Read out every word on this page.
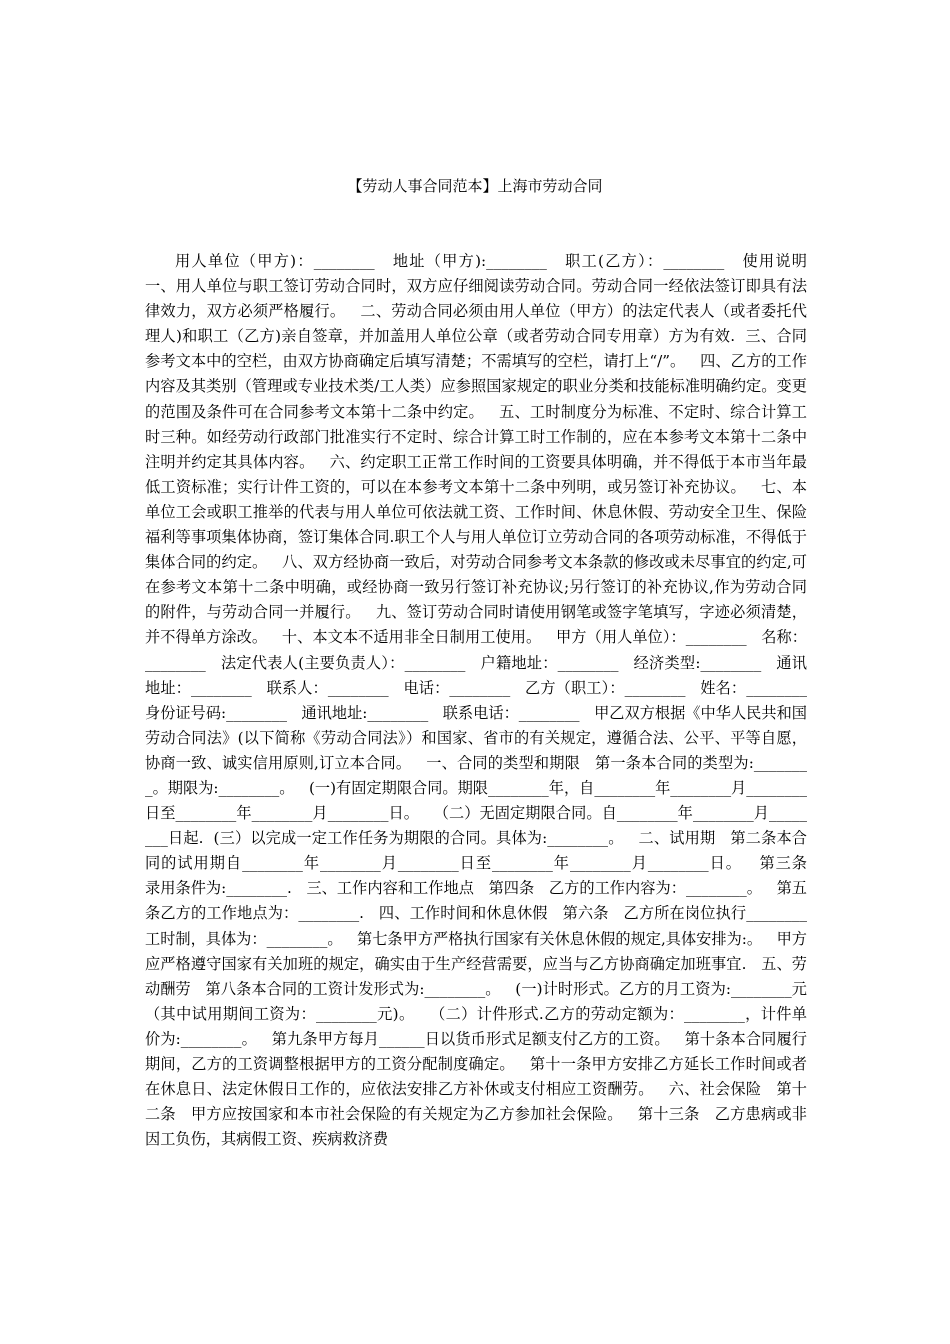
【劳动人事合同范本】上海市劳动合同

用人单位（甲方)：________   地址（甲方):________   职工(乙方）：________   使用说明   一、用人单位与职工签订劳动合同时，双方应仔细阅读劳动合同。劳动合同一经依法签订即具有法律效力，双方必须严格履行。   二、劳动合同必须由用人单位（甲方）的法定代表人（或者委托代理人)和职工（乙方)亲自签章，并加盖用人单位公章（或者劳动合同专用章）方为有效.  三、合同参考文本中的空栏，由双方协商确定后填写清楚；不需填写的空栏，请打上“/”。   四、乙方的工作内容及其类别（管理或专业技术类/工人类）应参照国家规定的职业分类和技能标准明确约定。变更的范围及条件可在合同参考文本第十二条中约定。   五、工时制度分为标准、不定时、综合计算工时三种。如经劳动行政部门批准实行不定时、综合计算工时工作制的，应在本参考文本第十二条中注明并约定其具体内容。   六、约定职工正常工作时间的工资要具体明确，并不得低于本市当年最低工资标准；实行计件工资的，可以在本参考文本第十二条中列明，或另签订补充协议。   七、本单位工会或职工推举的代表与用人单位可依法就工资、工作时间、休息休假、劳动安全卫生、保险福利等事项集体协商，签订集体合同.职工个人与用人单位订立劳动合同的各项劳动标准，不得低于集体合同的约定。   八、双方经协商一致后，对劳动合同参考文本条款的修改或未尽事宜的约定,可在参考文本第十二条中明确，或经协商一致另行签订补充协议;另行签订的补充协议,作为劳动合同的附件，与劳动合同一并履行。   九、签订劳动合同时请使用钢笔或签字笔填写，字迹必须清楚，并不得单方涂改。   十、本文本不适用非全日制用工使用。   甲方（用人单位）：________   名称：________   法定代表人(主要负责人）：________   户籍地址：________   经济类型:________   通讯地址：________   联系人：________   电话：________   乙方（职工）：________   姓名：________   身份证号码:________   通讯地址:________   联系电话：________   甲乙双方根据《中华人民共和国劳动合同法》(以下简称《劳动合同法》）和国家、省市的有关规定，遵循合法、公平、平等自愿，协商一致、诚实信用原则,订立本合同。   一、合同的类型和期限   第一条本合同的类型为:________。期限为:________。   (一)有固定期限合同。期限________年，自________年________月________日至________年________月________日。   （二）无固定期限合同。自________年________月________日起.  (三）以完成一定工作任务为期限的合同。具体为:________。   二、试用期   第二条本合同的试用期自________年________月________日至________年________月________日。   第三条   录用条件为:________.   三、工作内容和工作地点   第四条   乙方的工作内容为：________。   第五条乙方的工作地点为：________.   四、工作时间和休息休假   第六条   乙方所在岗位执行________工时制，具体为：________。   第七条甲方严格执行国家有关休息休假的规定,具体安排为:。   甲方应严格遵守国家有关加班的规定，确实由于生产经营需要，应当与乙方协商确定加班事宜.   五、劳动酬劳   第八条本合同的工资计发形式为:________。   (一)计时形式。乙方的月工资为:________元（其中试用期间工资为：________元)。   （二）计件形式.乙方的劳动定额为：________，计件单价为:________。   第九条甲方每月______日以货币形式足额支付乙方的工资。   第十条本合同履行期间，乙方的工资调整根据甲方的工资分配制度确定。   第十一条甲方安排乙方延长工作时间或者在休息日、法定休假日工作的，应依法安排乙方补休或支付相应工资酬劳。   六、社会保险   第十二条   甲方应按国家和本市社会保险的有关规定为乙方参加社会保险。   第十三条   乙方患病或非因工负伤，其病假工资、疾病救济费
